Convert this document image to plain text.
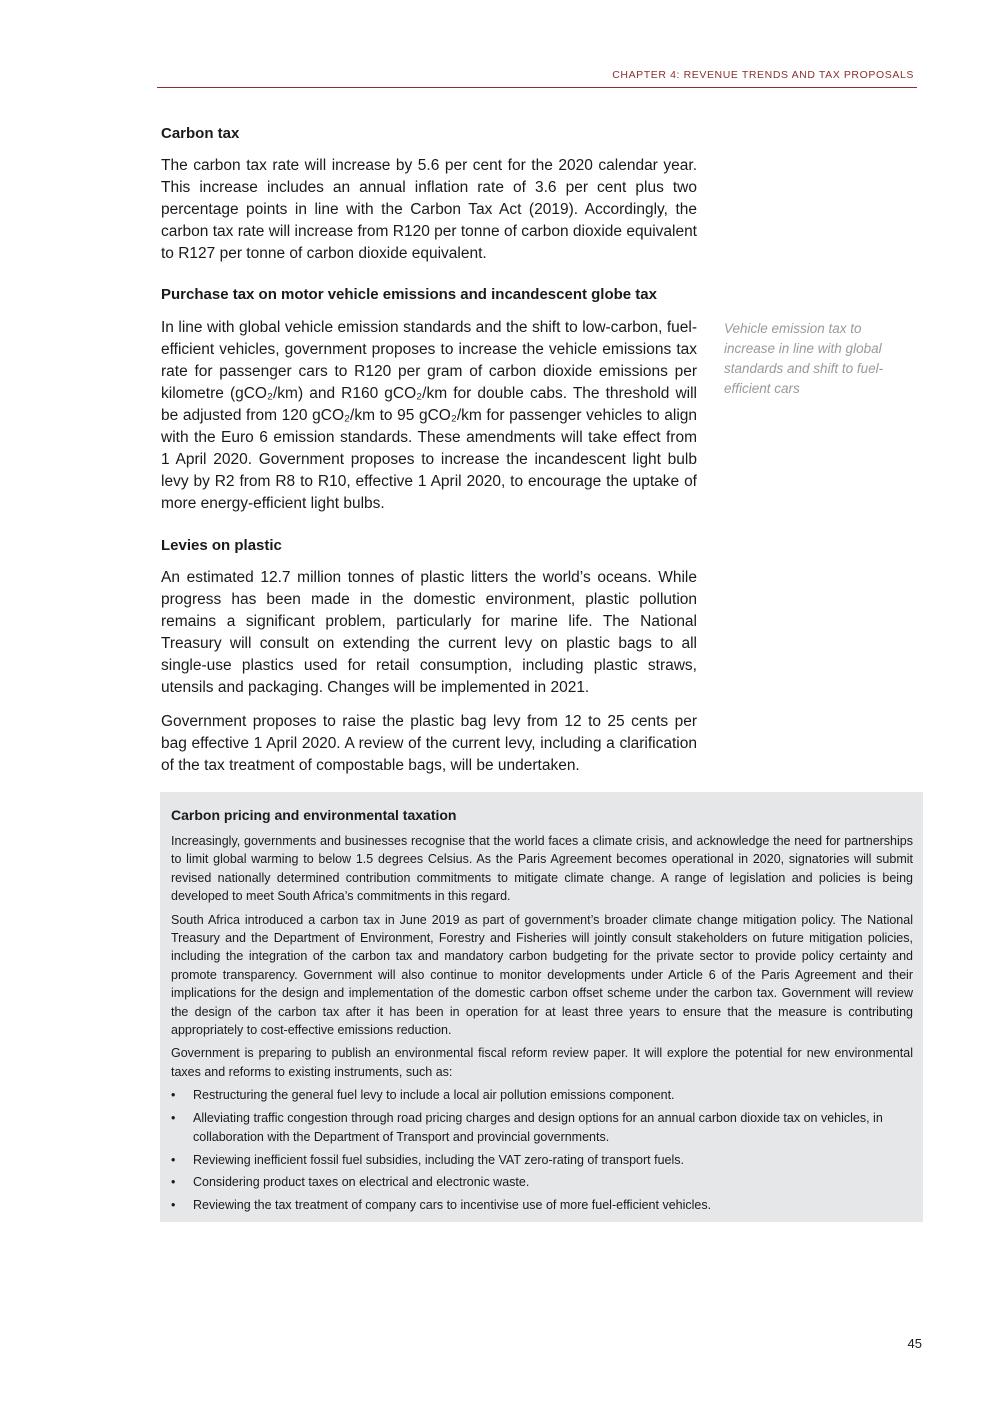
CHAPTER 4: REVENUE TRENDS AND TAX PROPOSALS
Carbon tax

The carbon tax rate will increase by 5.6 per cent for the 2020 calendar year. This increase includes an annual inflation rate of 3.6 per cent plus two percentage points in line with the Carbon Tax Act (2019). Accordingly, the carbon tax rate will increase from R120 per tonne of carbon dioxide equivalent to R127 per tonne of carbon dioxide equivalent.

Purchase tax on motor vehicle emissions and incandescent globe tax

In line with global vehicle emission standards and the shift to low-carbon, fuel-efficient vehicles, government proposes to increase the vehicle emissions tax rate for passenger cars to R120 per gram of carbon dioxide emissions per kilometre (gCO₂/km) and R160 gCO₂/km for double cabs. The threshold will be adjusted from 120 gCO₂/km to 95 gCO₂/km for passenger vehicles to align with the Euro 6 emission standards. These amendments will take effect from 1 April 2020. Government proposes to increase the incandescent light bulb levy by R2 from R8 to R10, effective 1 April 2020, to encourage the uptake of more energy-efficient light bulbs.

Levies on plastic

An estimated 12.7 million tonnes of plastic litters the world’s oceans. While progress has been made in the domestic environment, plastic pollution remains a significant problem, particularly for marine life. The National Treasury will consult on extending the current levy on plastic bags to all single-use plastics used for retail consumption, including plastic straws, utensils and packaging. Changes will be implemented in 2021.

Government proposes to raise the plastic bag levy from 12 to 25 cents per bag effective 1 April 2020. A review of the current levy, including a clarification of the tax treatment of compostable bags, will be undertaken.

Vehicle emission tax to increase in line with global standards and shift to fuel-efficient cars
Carbon pricing and environmental taxation

Increasingly, governments and businesses recognise that the world faces a climate crisis, and acknowledge the need for partnerships to limit global warming to below 1.5 degrees Celsius. As the Paris Agreement becomes operational in 2020, signatories will submit revised nationally determined contribution commitments to mitigate climate change. A range of legislation and policies is being developed to meet South Africa’s commitments in this regard.

South Africa introduced a carbon tax in June 2019 as part of government’s broader climate change mitigation policy. The National Treasury and the Department of Environment, Forestry and Fisheries will jointly consult stakeholders on future mitigation policies, including the integration of the carbon tax and mandatory carbon budgeting for the private sector to provide policy certainty and promote transparency. Government will also continue to monitor developments under Article 6 of the Paris Agreement and their implications for the design and implementation of the domestic carbon offset scheme under the carbon tax. Government will review the design of the carbon tax after it has been in operation for at least three years to ensure that the measure is contributing appropriately to cost-effective emissions reduction.

Government is preparing to publish an environmental fiscal reform review paper. It will explore the potential for new environmental taxes and reforms to existing instruments, such as:

• Restructuring the general fuel levy to include a local air pollution emissions component.
• Alleviating traffic congestion through road pricing charges and design options for an annual carbon dioxide tax on vehicles, in collaboration with the Department of Transport and provincial governments.
• Reviewing inefficient fossil fuel subsidies, including the VAT zero-rating of transport fuels.
• Considering product taxes on electrical and electronic waste.
• Reviewing the tax treatment of company cars to incentivise use of more fuel-efficient vehicles.
45
